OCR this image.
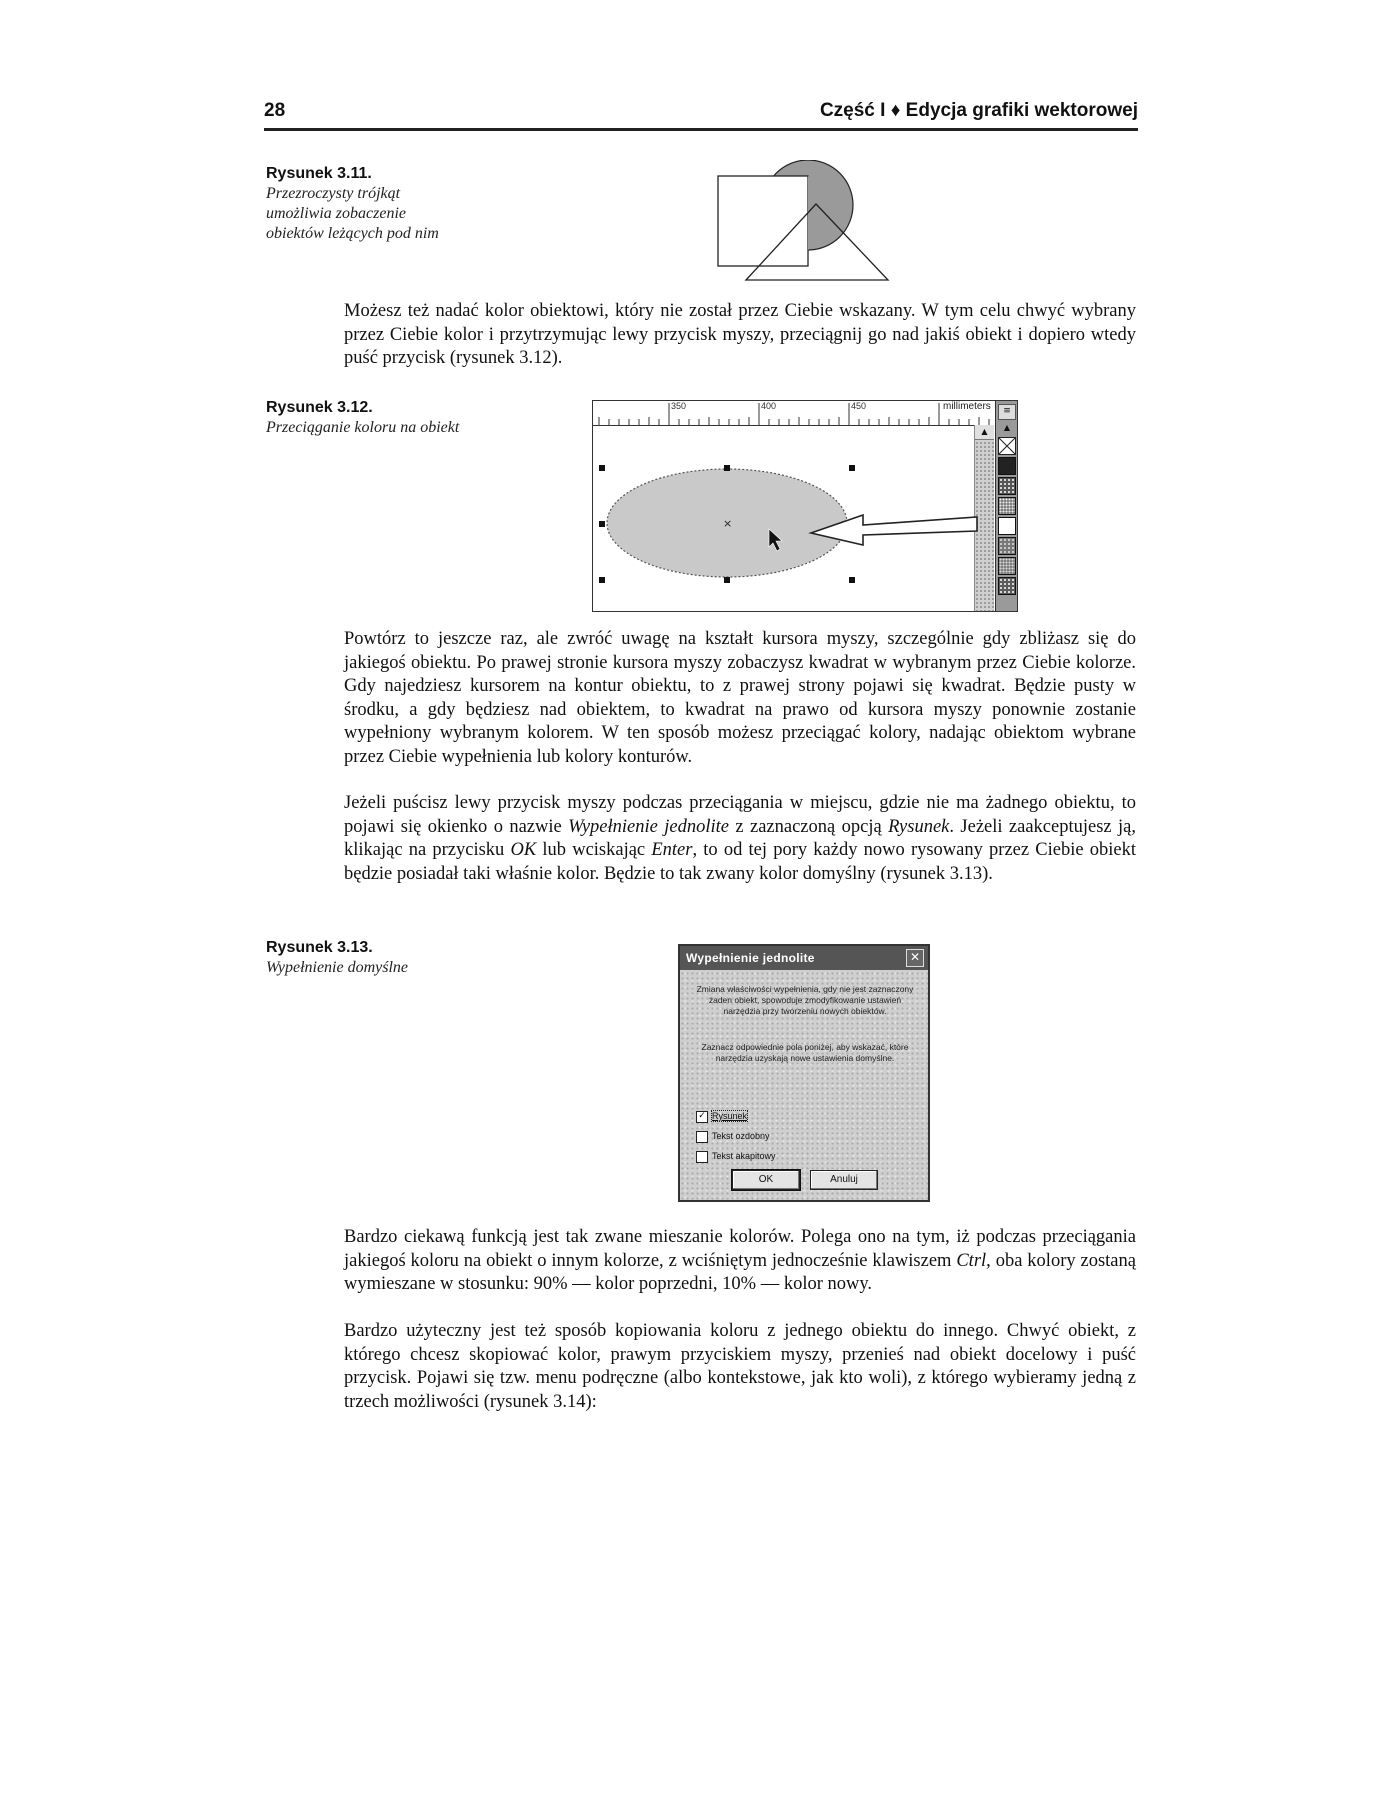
28	Część I ♦ Edycja grafiki wektorowej
Rysunek 3.11.
Przezroczysty trójkąt umożliwia zobaczenie obiektów leżących pod nim
Możesz też nadać kolor obiektowi, który nie został przez Ciebie wskazany. W tym celu chwyć wybrany przez Ciebie kolor i przytrzymując lewy przycisk myszy, przeciągnij go nad jakiś obiekt i dopiero wtedy puść przycisk (rysunek 3.12).
Rysunek 3.12.
Przeciąganie koloru na obiekt
350	400	450	millimeters
▲
≡
▲
×
Powtórz to jeszcze raz, ale zwróć uwagę na kształt kursora myszy, szczególnie gdy zbliżasz się do jakiegoś obiektu. Po prawej stronie kursora myszy zobaczysz kwadrat w wybranym przez Ciebie kolorze. Gdy najedziesz kursorem na kontur obiektu, to z prawej strony pojawi się kwadrat. Będzie pusty w środku, a gdy będziesz nad obiektem, to kwadrat na prawo od kursora myszy ponownie zostanie wypełniony wybranym kolorem. W ten sposób możesz przeciągać kolory, nadając obiektom wybrane przez Ciebie wypełnienia lub kolory konturów.
Jeżeli puścisz lewy przycisk myszy podczas przeciągania w miejscu, gdzie nie ma żadnego obiektu, to pojawi się okienko o nazwie Wypełnienie jednolite z zaznaczoną opcją Rysunek. Jeżeli zaakceptujesz ją, klikając na przycisku OK lub wciskając Enter, to od tej pory każdy nowo rysowany przez Ciebie obiekt będzie posiadał taki właśnie kolor. Będzie to tak zwany kolor domyślny (rysunek 3.13).
Rysunek 3.13.
Wypełnienie domyślne
Wypełnienie jednolite	✕
Zmiana właściwości wypełnienia, gdy nie jest zaznaczony żaden obiekt, spowoduje zmodyfikowanie ustawień narzędzia przy tworzeniu nowych obiektów.
Zaznacz odpowiednie pola poniżej, aby wskazać, które narzędzia uzyskają nowe ustawienia domyślne.
✓ Rysunek
Tekst ozdobny
Tekst akapitowy
OK	Anuluj
Bardzo ciekawą funkcją jest tak zwane mieszanie kolorów. Polega ono na tym, iż podczas przeciągania jakiegoś koloru na obiekt o innym kolorze, z wciśniętym jednocześnie klawiszem Ctrl, oba kolory zostaną wymieszane w stosunku: 90% — kolor poprzedni, 10% — kolor nowy.
Bardzo użyteczny jest też sposób kopiowania koloru z jednego obiektu do innego. Chwyć obiekt, z którego chcesz skopiować kolor, prawym przyciskiem myszy, przenieś nad obiekt docelowy i puść przycisk. Pojawi się tzw. menu podręczne (albo kontekstowe, jak kto woli), z którego wybieramy jedną z trzech możliwości (rysunek 3.14):
